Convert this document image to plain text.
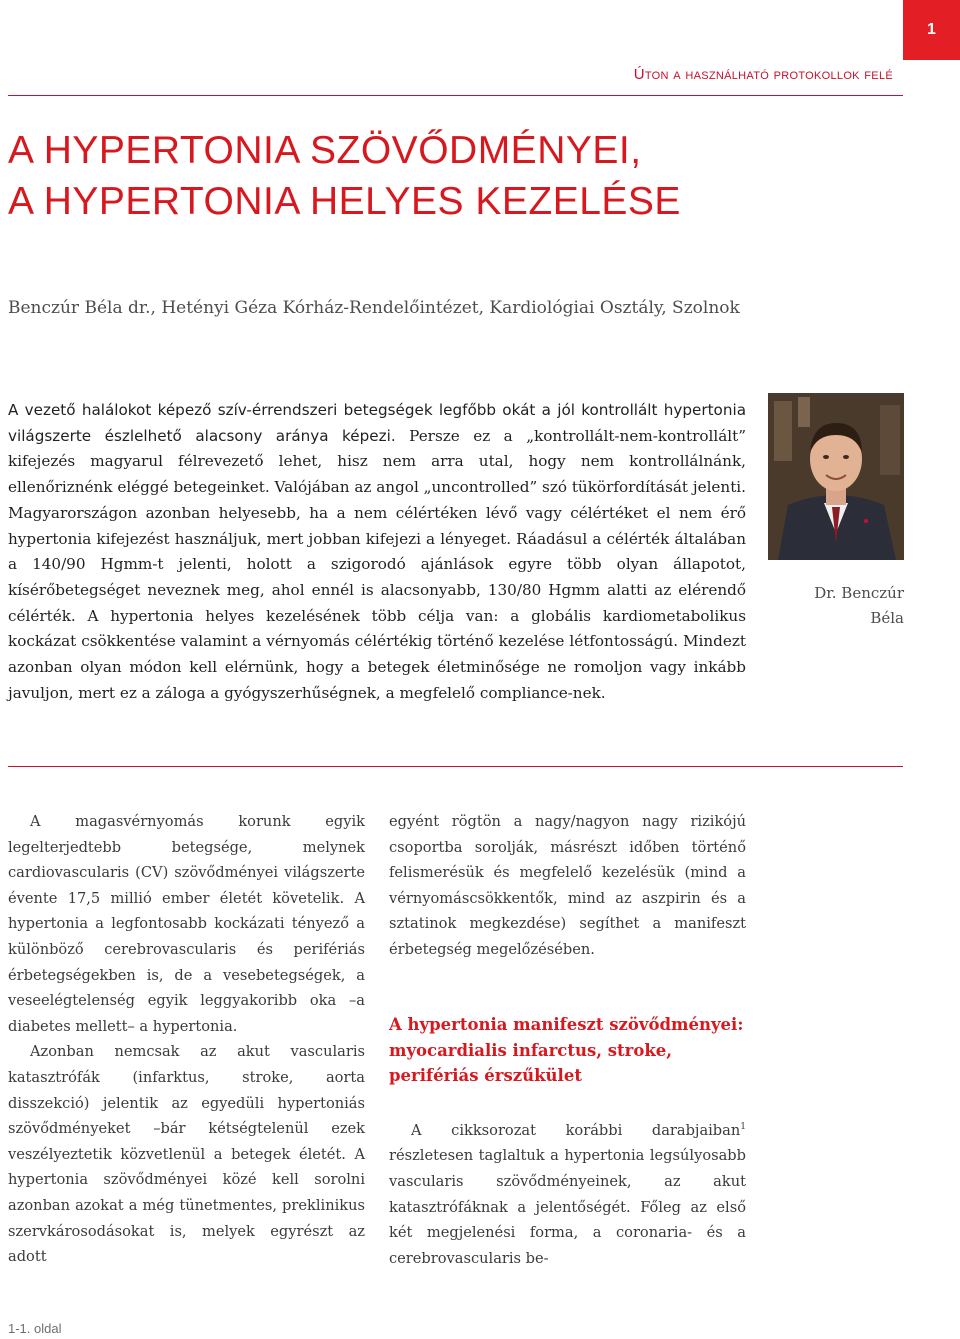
1
Úton a használható protokollok felé
A HYPERTONIA SZÖVŐDMÉNYEI,
A HYPERTONIA HELYES KEZELÉSE
Benczúr Béla dr., Hetényi Géza Kórház-Rendelőintézet, Kardiológiai Osztály, Szolnok

A vezető halálokot képező szív-érrendszeri betegségek legfőbb okát a jól kontrollált hypertonia világszerte észlelhető alacsony aránya képezi. Persze ez a „kontrollált-nem-kontrollált” kifejezés magyarul félrevezető lehet, hisz nem arra utal, hogy nem kontrollálnánk, ellenőriznénk eléggé betegeinket. Valójában az angol „uncontrolled” szó tükörfordítását jelenti. Magyarországon azonban helyesebb, ha a nem célértéken lévő vagy célértéket el nem érő hypertonia kifejezést használjuk, mert jobban kifejezi a lényeget. Ráadásul a célérték általában a 140/90 Hgmm-t jelenti, holott a szigorodó ajánlások egyre több olyan állapotot, kísérőbetegséget neveznek meg, ahol ennél is alacsonyabb, 130/80 Hgmm alatti az elérendő célérték. A hypertonia helyes kezelésének több célja van: a globális kardiometabolikus kockázat csökkentése valamint a vérnyomás célértékig történő kezelése létfontosságú. Mindezt azonban olyan módon kell elérnünk, hogy a betegek életminősége ne romoljon vagy inkább javuljon, mert ez a záloga a gyógyszerhűségnek, a megfelelő compliance-nek.

Dr. Benczúr
Béla

A magasvérnyomás korunk egyik legelterjedtebb betegsége, melynek cardiovascularis (CV) szövődményei világszerte évente 17,5 millió ember életét követelik. A hypertonia a legfontosabb kockázati tényező a különböző cerebrovascularis és perifériás érbetegségekben is, de a vesebetegségek, a veseelégtelenség egyik leggyakoribb oka –a diabetes mellett– a hypertonia.

Azonban nemcsak az akut vascularis katasztrófák (infarktus, stroke, aorta disszekció) jelentik az egyedüli hypertoniás szövődményeket –bár kétségtelenül ezek veszélyeztetik közvetlenül a betegek életét. A hypertonia szövődményei közé kell sorolni azonban azokat a még tünetmentes, preklinikus szervkárosodásokat is, melyek egyrészt az adott

egyént rögtön a nagy/nagyon nagy rizikójú csoportba sorolják, másrészt időben történő felismerésük és megfelelő kezelésük (mind a vérnyomáscsökkentők, mind az aszpirin és a sztatinok megkezdése) segíthet a manifeszt érbetegség megelőzésében.

A hypertonia manifeszt szövődményei:
myocardialis infarctus, stroke,
perifériás érszűkület

A cikksorozat korábbi darabjaiban$^1$ részletesen taglaltuk a hypertonia legsúlyosabb vascularis szövődményeinek, az akut katasztrófáknak a jelentőségét. Főleg az első két megjelenési forma, a coronaria- és a cerebrovascularis be-

1-1. oldal
